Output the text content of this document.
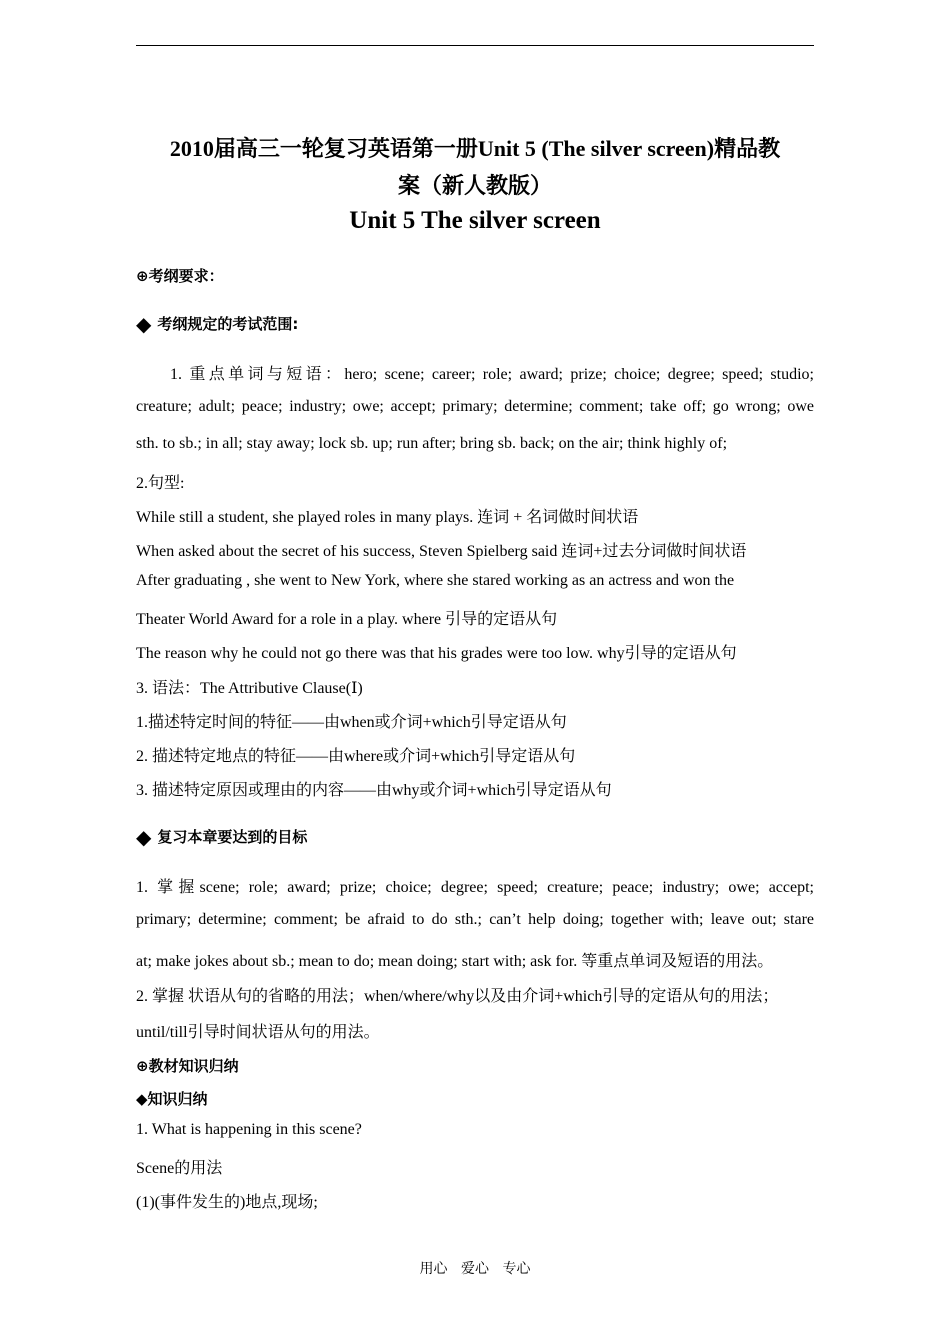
2010届高三一轮复习英语第一册Unit 5 (The silver screen)精品教
案（新人教版）
Unit 5 The silver screen
⊕考纲要求：
◆ 考纲规定的考试范围:
1. 重点单词与短语：hero; scene; career; role; award; prize; choice; degree; speed; studio;
creature; adult; peace; industry; owe; accept; primary; determine; comment; take off; go wrong; owe
sth. to sb.; in all; stay away; lock sb. up; run after; bring sb. back; on the air; think highly of;
2.句型:
While still a student, she played roles in many plays. 连词 + 名词做时间状语
When asked about the secret of his success, Steven Spielberg said 连词+过去分词做时间状语
After graduating , she went to New York, where she stared working as an actress and won the
Theater World Award for a role in a play. where 引导的定语从句
The reason why he could not go there was that his grades were too low. why引导的定语从句
3. 语法：The Attributive Clause(Ⅰ)
1.描述特定时间的特征——由when或介词+which引导定语从句
2. 描述特定地点的特征——由where或介词+which引导定语从句
3. 描述特定原因或理由的内容——由why或介词+which引导定语从句
◆ 复习本章要达到的目标
1. 掌握scene; role; award; prize; choice; degree; speed; creature; peace; industry; owe; accept;
primary; determine; comment; be afraid to do sth.; can’t help doing; together with; leave out; stare
at; make jokes about sb.; mean to do; mean doing; start with; ask for. 等重点单词及短语的用法。
2. 掌握 状语从句的省略的用法；when/where/why以及由介词+which引导的定语从句的用法；
until/till引导时间状语从句的用法。
⊕教材知识归纳
◆知识归纳
1. What is happening in this scene?
Scene的用法
(1)(事件发生的)地点,现场;
用心 爱心 专心
